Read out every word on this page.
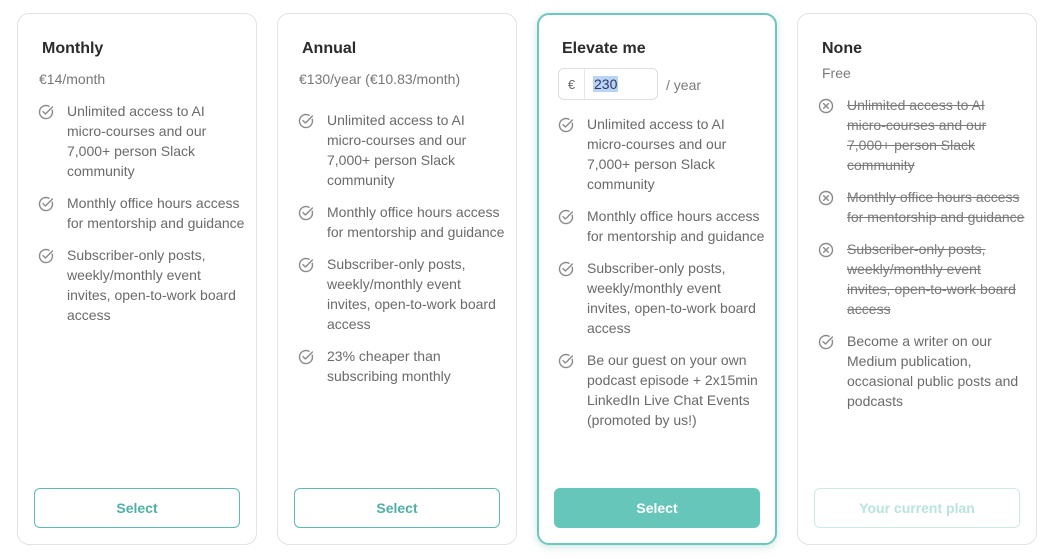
Monthly
€14/month
Unlimited access to AI micro-courses and our 7,000+ person Slack community
Monthly office hours access for mentorship and guidance
Subscriber-only posts, weekly/monthly event invites, open-to-work board access
Select
Annual
€130/year (€10.83/month)
Unlimited access to AI micro-courses and our 7,000+ person Slack community
Monthly office hours access for mentorship and guidance
Subscriber-only posts, weekly/monthly event invites, open-to-work board access
23% cheaper than subscribing monthly
Select
Elevate me
€	230	/ year
Unlimited access to AI micro-courses and our 7,000+ person Slack community
Monthly office hours access for mentorship and guidance
Subscriber-only posts, weekly/monthly event invites, open-to-work board access
Be our guest on your own podcast episode + 2x15min LinkedIn Live Chat Events (promoted by us!)
Select
None
Free
Unlimited access to AI micro-courses and our 7,000+ person Slack community
Monthly office hours access for mentorship and guidance
Subscriber-only posts, weekly/monthly event invites, open-to-work board access
Become a writer on our Medium publication, occasional public posts and podcasts
Your current plan
